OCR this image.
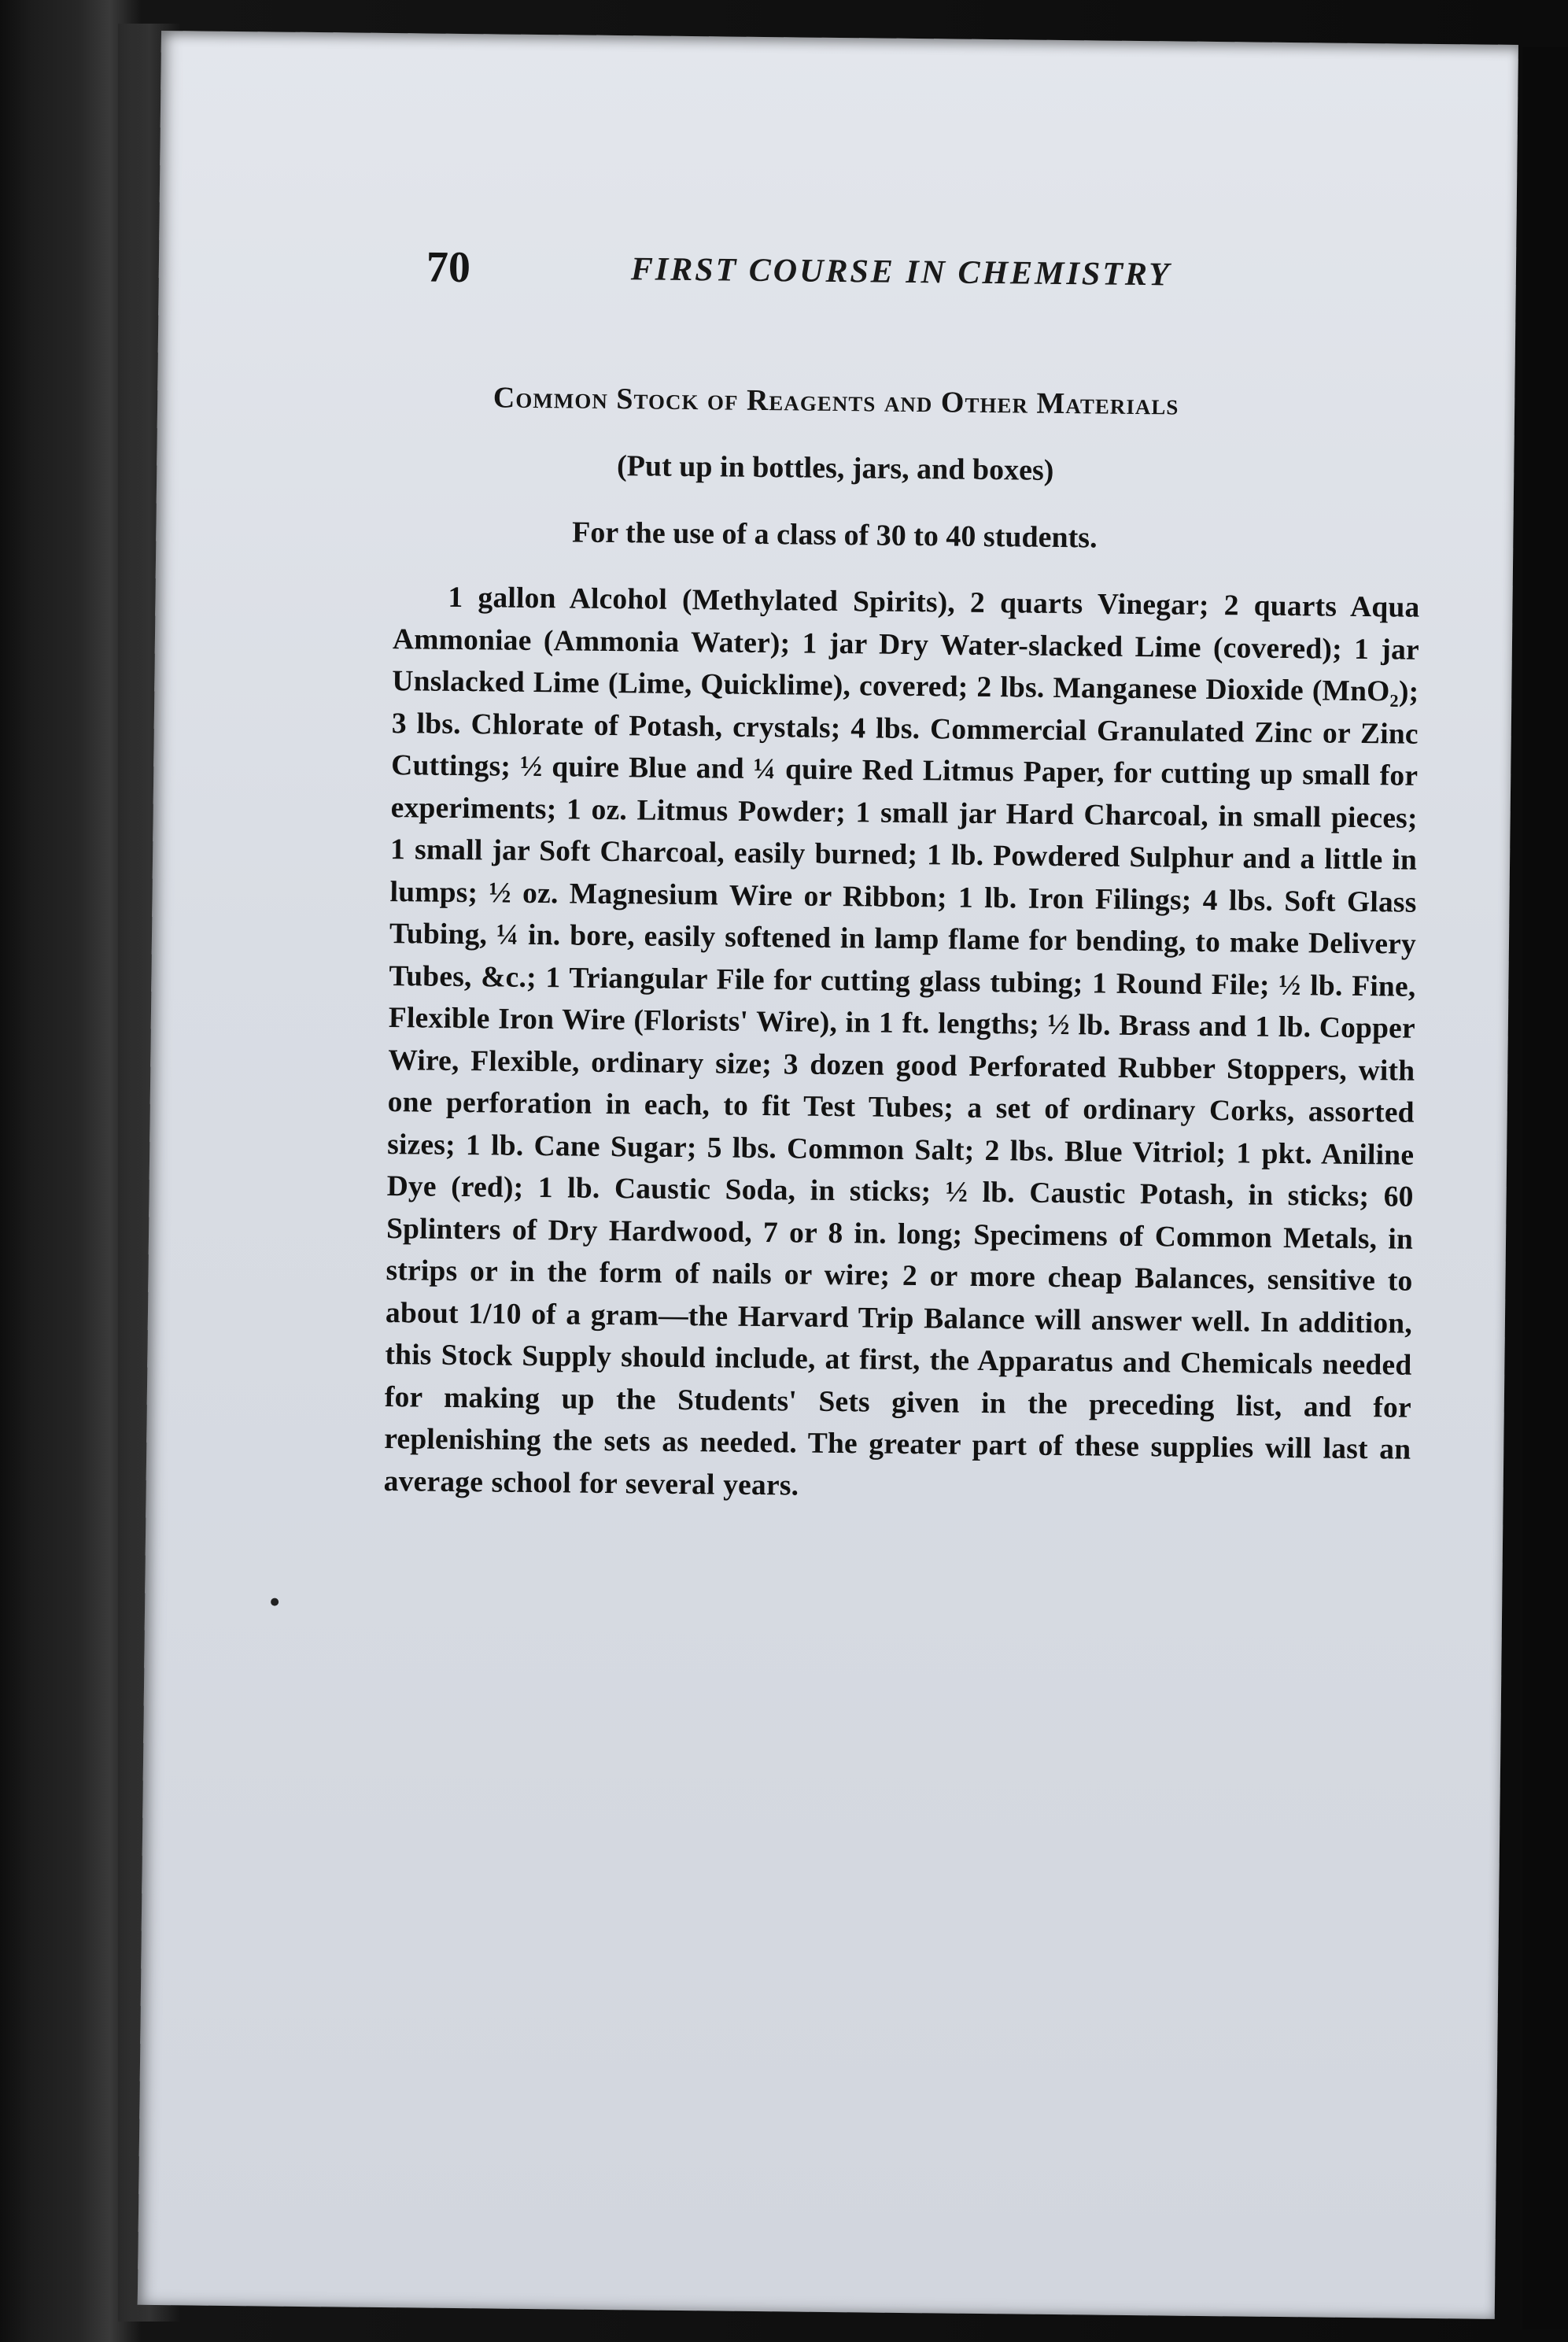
70	FIRST COURSE IN CHEMISTRY
Common Stock of Reagents and Other Materials
(Put up in bottles, jars, and boxes)
For the use of a class of 30 to 40 students.

1 gallon Alcohol (Methylated Spirits), 2 quarts Vinegar; 2 quarts Aqua Ammoniae (Ammonia Water); 1 jar Dry Water-slacked Lime (covered); 1 jar Unslacked Lime (Lime, Quicklime), covered; 2 lbs. Manganese Dioxide (MnO₂); 3 lbs. Chlorate of Potash, crystals; 4 lbs. Commercial Granulated Zinc or Zinc Cuttings; ½ quire Blue and ¼ quire Red Litmus Paper, for cutting up small for experiments; 1 oz. Litmus Powder; 1 small jar Hard Charcoal, in small pieces; 1 small jar Soft Charcoal, easily burned; 1 lb. Powdered Sulphur and a little in lumps; ½ oz. Magnesium Wire or Ribbon; 1 lb. Iron Filings; 4 lbs. Soft Glass Tubing, ¼ in. bore, easily softened in lamp flame for bending, to make Delivery Tubes, &c.; 1 Triangular File for cutting glass tubing; 1 Round File; ½ lb. Fine, Flexible Iron Wire (Florists' Wire), in 1 ft. lengths; ½ lb. Brass and 1 lb. Copper Wire, Flexible, ordinary size; 3 dozen good Perforated Rubber Stoppers, with one perforation in each, to fit Test Tubes; a set of ordinary Corks, assorted sizes; 1 lb. Cane Sugar; 5 lbs. Common Salt; 2 lbs. Blue Vitriol; 1 pkt. Aniline Dye (red); 1 lb. Caustic Soda, in sticks; ½ lb. Caustic Potash, in sticks; 60 Splinters of Dry Hardwood, 7 or 8 in. long; Specimens of Common Metals, in strips or in the form of nails or wire; 2 or more cheap Balances, sensitive to about 1/10 of a gram—the Harvard Trip Balance will answer well. In addition, this Stock Supply should include, at first, the Apparatus and Chemicals needed for making up the Students' Sets given in the preceding list, and for replenishing the sets as needed. The greater part of these supplies will last an average school for several years.
